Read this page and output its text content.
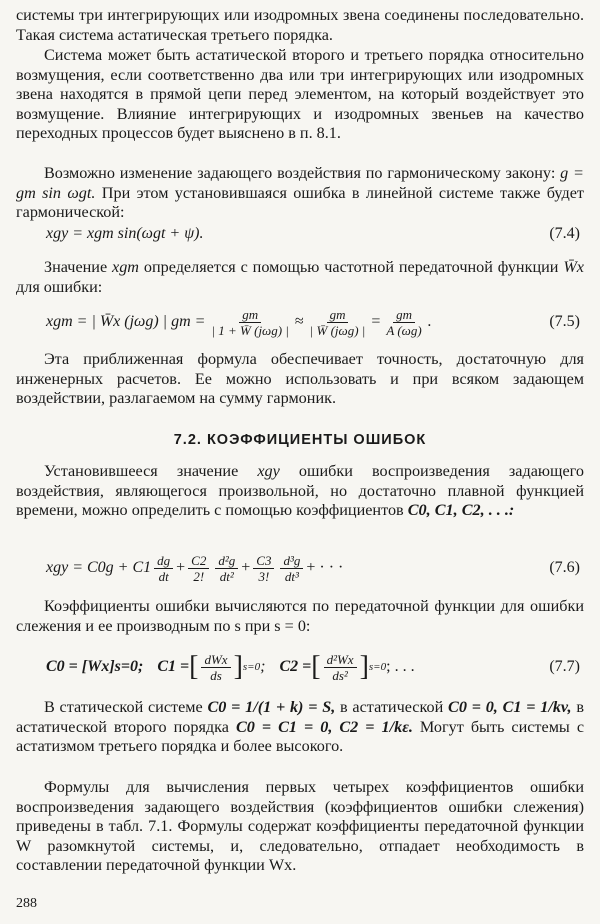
системы три интегрирующих или изодромных звена соединены последовательно. Такая система астатическая третьего порядка.

Система может быть астатической второго и третьего порядка относительно возмущения, если соответственно два или три интегрирующих или изодромных звена находятся в прямой цепи перед элементом, на который воздействует это возмущение. Влияние интегрирующих и изодромных звеньев на качество переходных процессов будет выяснено в п. 8.1.

Возможно изменение задающего воздействия по гармоническому закону: g = gm sin ωgt. При этом установившаяся ошибка в линейной системе также будет гармонической:

xgy = xgm sin(ωgt + ψ).	(7.4)

Значение xgm определяется с помощью частотной передаточной функции W̄x для ошибки:

xgm = | W̄x (jωg) | gm = $\frac{gm}{\text{| 1 + W̄ (jωg) |}} \approx \frac{gm}{\text{| W̄ (jωg) |}} = \frac{gm}{A (\omega g)}$ .	(7.5)

Эта приближенная формула обеспечивает точность, достаточную для инженерных расчетов. Ее можно использовать и при всяком задающем воздействии, разлагаемом на сумму гармоник.

7.2. КОЭФФИЦИЕНТЫ ОШИБОК

Установившееся значение xgy ошибки воспроизведения задающего воздействия, являющегося произвольной, но достаточно плавной функцией времени, можно определить с помощью коэффициентов C0, C1, C2, . . .:

xgy = $C0g + C1 \frac{dg}{dt} + \frac{C2}{2!} \frac{\text{d²g}}{\text{dt²}} + \frac{C3}{3!} \frac{\text{d³g}}{\text{dt³}}$ + · · ·	(7.6)

Коэффициенты ошибки вычисляются по передаточной функции для ошибки слежения и ее производным по s при s = 0:

C0 = [Wx]s=0; C1 = [ $\frac{\text{dWx}}{ds}$ ] s=0 ; C2 = [ $\frac{\text{d²Wx}}{\text{ds²}}$ ] s=0 ; . . .	(7.7)

В статической системе C0 = 1/(1 + k) = S, в астатической C0 = 0, C1 = 1/kv, в астатической второго порядка C0 = C1 = 0, C2 = 1/kε. Могут быть системы с астатизмом третьего порядка и более высокого.

Формулы для вычисления первых четырех коэффициентов ошибки воспроизведения задающего воздействия (коэффициентов ошибки слежения) приведены в табл. 7.1. Формулы содержат коэффициенты передаточной функции W разомкнутой системы, и, следовательно, отпадает необходимость в составлении передаточной функции Wx.

288
